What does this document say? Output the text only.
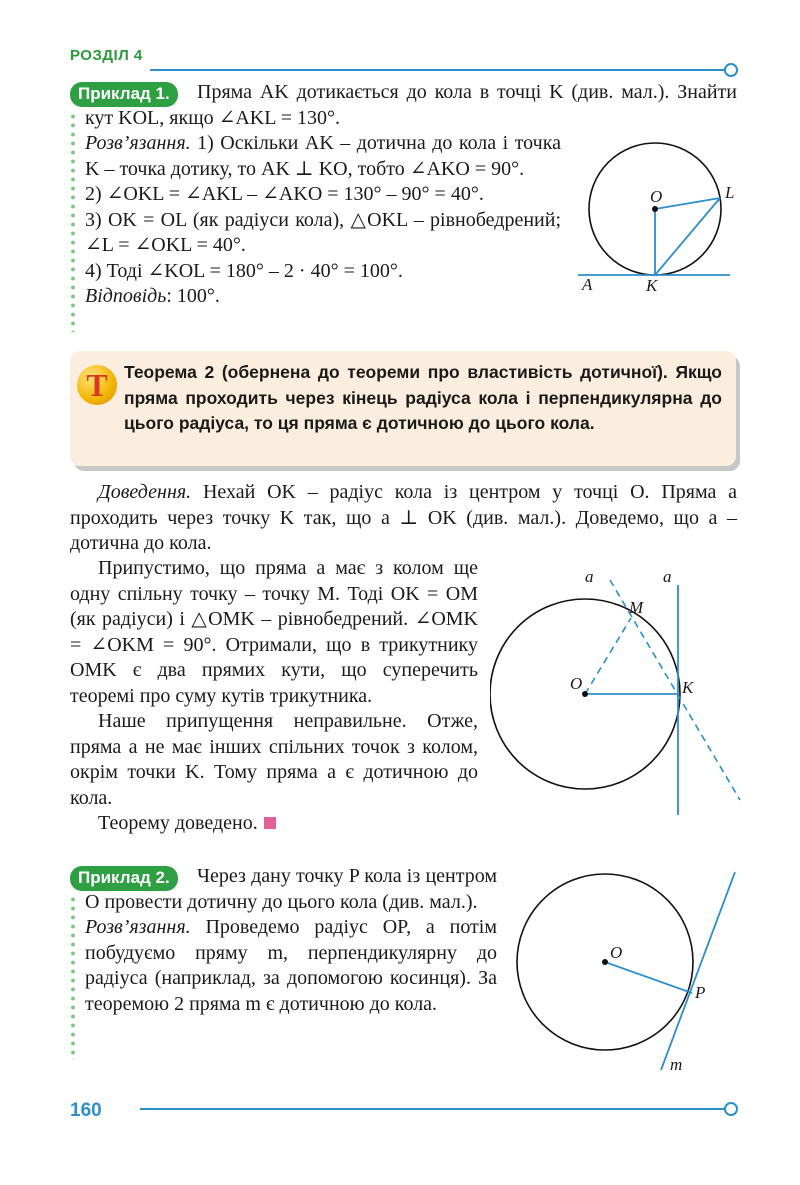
РОЗДІЛ 4
Приклад 1.	Пряма AK дотикається до кола в точці K (див. мал.). Знайти кут KOL, якщо ∠AKL = 130°.

Розв’язання. 1) Оскільки AK – дотична до кола і точка K – точка дотику, то AK ⊥ KO, тобто ∠AKO = 90°.

2) ∠OKL = ∠AKL – ∠AKO = 130° – 90° = 40°.

3) OK = OL (як радіуси кола), △OKL – рівнобедрений; ∠L = ∠OKL = 40°.

4) Тоді ∠KOL = 180° – 2 · 40° = 100°.

Відповідь: 100°.

O	L
A	K
T Теорема 2 (обернена до теореми про властивість дотичної). Якщо пряма проходить через кінець радіуса кола і перпендикулярна до цього радіуса, то ця пряма є дотичною до цього кола.
Доведення. Нехай OK – радіус кола із центром у точці O. Пряма a проходить через точку K так, що a ⊥ OK (див. мал.). Доведемо, що a – дотична до кола.

Припустимо, що пряма a має з колом ще одну спільну точку – точку M. Тоді OK = OM (як радіуси) і △OMK – рівнобедрений. ∠OMK = ∠OKM = 90°. Отримали, що в трикутнику OMK є два прямих кути, що суперечить теоремі про суму кутів трикутника.

Наше припущення неправильне. Отже, пряма a не має інших спільних точок з колом, окрім точки K. Тому пряма a є дотичною до кола.

Теорему доведено.

a	a
M
O	K
Приклад 2.	Через дану точку P кола із центром O провести дотичну до цього кола (див. мал.).

Розв’язання. Проведемо радіус OP, а потім побудуємо пряму m, перпендикулярну до радіуса (наприклад, за допомогою косинця). За теоремою 2 пряма m є дотичною до кола.

O
P
m
160
